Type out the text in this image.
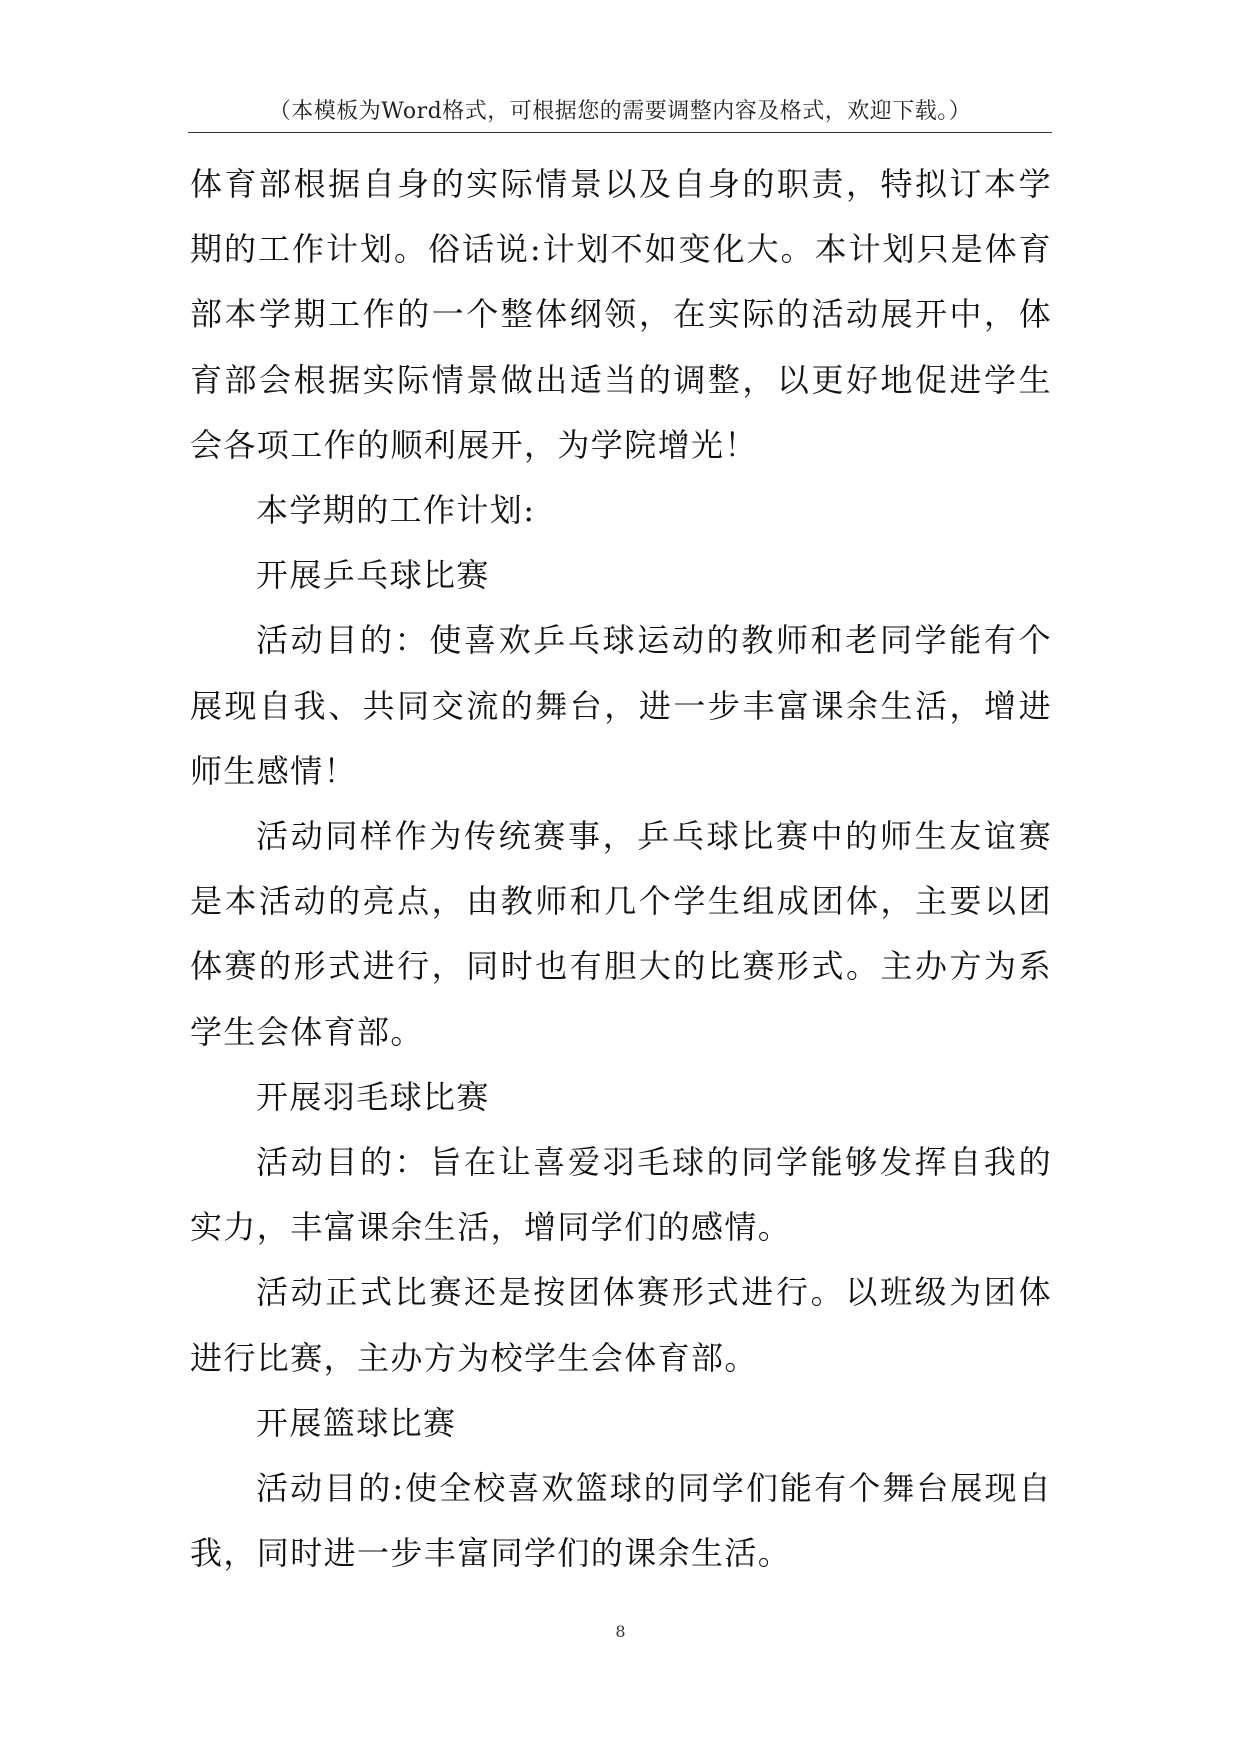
（本模板为Word格式，可根据您的需要调整内容及格式，欢迎下载。）

体育部根据自身的实际情景以及自身的职责，特拟订本学期的工作计划。俗话说:计划不如变化大。本计划只是体育部本学期工作的一个整体纲领，在实际的活动展开中，体育部会根据实际情景做出适当的调整，以更好地促进学生会各项工作的顺利展开，为学院增光！

本学期的工作计划:

开展乒乓球比赛

活动目的：使喜欢乒乓球运动的教师和老同学能有个展现自我、共同交流的舞台，进一步丰富课余生活，增进师生感情！

活动同样作为传统赛事，乒乓球比赛中的师生友谊赛是本活动的亮点，由教师和几个学生组成团体，主要以团体赛的形式进行，同时也有胆大的比赛形式。主办方为系学生会体育部。

开展羽毛球比赛

活动目的：旨在让喜爱羽毛球的同学能够发挥自我的实力，丰富课余生活，增同学们的感情。

活动正式比赛还是按团体赛形式进行。以班级为团体进行比赛，主办方为校学生会体育部。

开展篮球比赛

活动目的:使全校喜欢篮球的同学们能有个舞台展现自我，同时进一步丰富同学们的课余生活。

8
